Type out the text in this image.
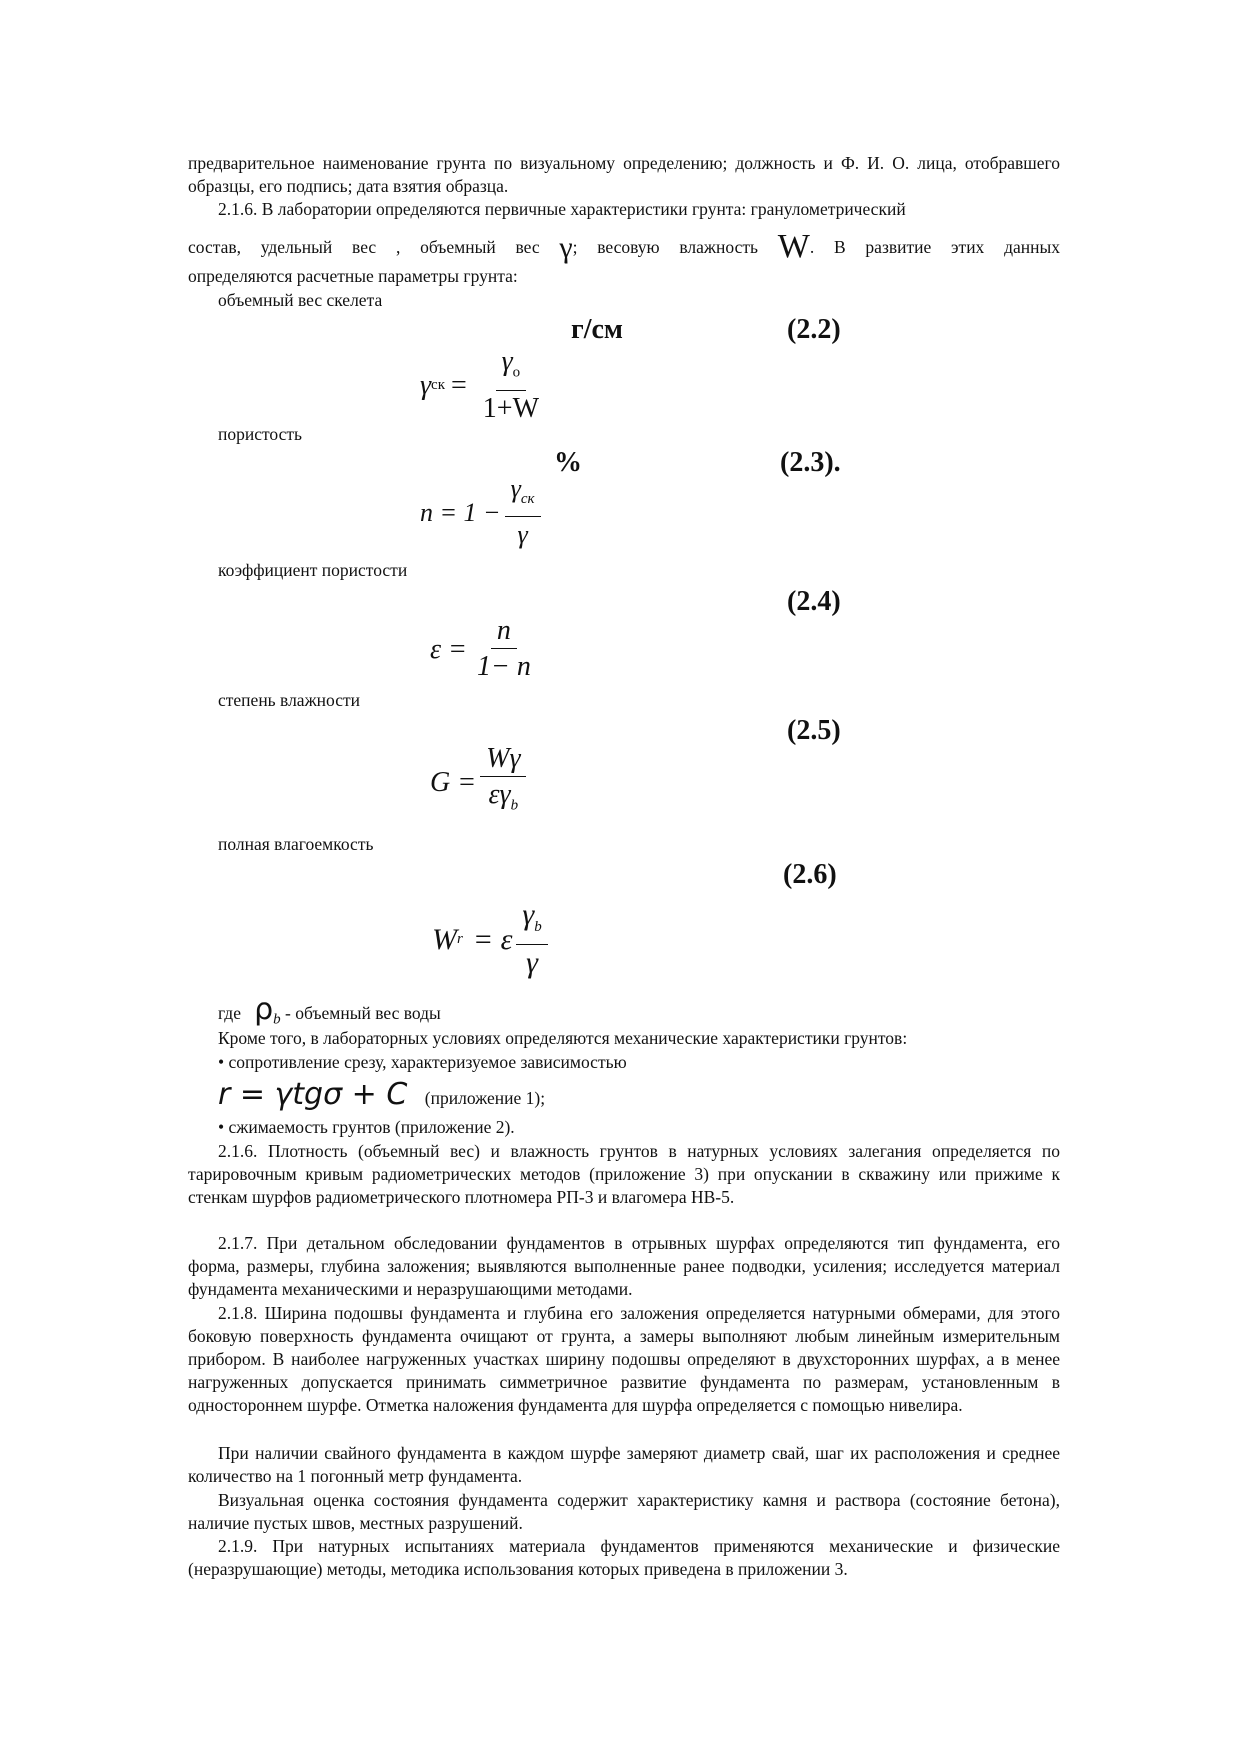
предварительное наименование грунта по визуальному определению; должность и Ф. И. О. лица, отобравшего образцы, его подпись; дата взятия образца.
2.1.6. В лаборатории определяются первичные характеристики грунта: гранулометрический
состав, удельный вес , объемный вес γ; весовую влажность W. В развитие этих данных
определяются расчетные параметры грунта:
объемный вес скелета
г/см	(2.2)
γ ск = $\frac{\gamma_о}{1+W}$
пористость
%	(2.3).
$n = 1 - \frac{\gamma_{ск}}{\gamma}$
коэффициент пористости
(2.4)
$\varepsilon = \frac{n}{1- n}$
степень влажности
(2.5)
$G = \frac{W\gamma}{\varepsilon\gamma_b}$
полная влагоемкость
(2.6)
W r = ε $\frac{\gamma_b}{\gamma}$
где $\rho_b$ - объемный вес воды
Кроме того, в лабораторных условиях определяются механические характеристики грунтов:
• сопротивление срезу, характеризуемое зависимостью
r = γtgσ + C (приложение 1);
• сжимаемость грунтов (приложение 2).
2.1.6. Плотность (объемный вес) и влажность грунтов в натурных условиях залегания определяется по тарировочным кривым радиометрических методов (приложение 3) при опускании в скважину или прижиме к стенкам шурфов радиометрического плотномера РП-3 и влагомера НВ-5.
2.1.7. При детальном обследовании фундаментов в отрывных шурфах определяются тип фундамента, его форма, размеры, глубина заложения; выявляются выполненные ранее подводки, усиления; исследуется материал фундамента механическими и неразрушающими методами.
2.1.8. Ширина подошвы фундамента и глубина его заложения определяется натурными обмерами, для этого боковую поверхность фундамента очищают от грунта, а замеры выполняют любым линейным измерительным прибором. В наиболее нагруженных участках ширину подошвы определяют в двухсторонних шурфах, а в менее нагруженных допускается принимать симметричное развитие фундамента по размерам, установленным в одностороннем шурфе. Отметка наложения фундамента для шурфа определяется с помощью нивелира.
При наличии свайного фундамента в каждом шурфе замеряют диаметр свай, шаг их расположения и среднее количество на 1 погонный метр фундамента.
Визуальная оценка состояния фундамента содержит характеристику камня и раствора (состояние бетона), наличие пустых швов, местных разрушений.
2.1.9. При натурных испытаниях материала фундаментов применяются механические и физические (неразрушающие) методы, методика использования которых приведена в приложении 3.
